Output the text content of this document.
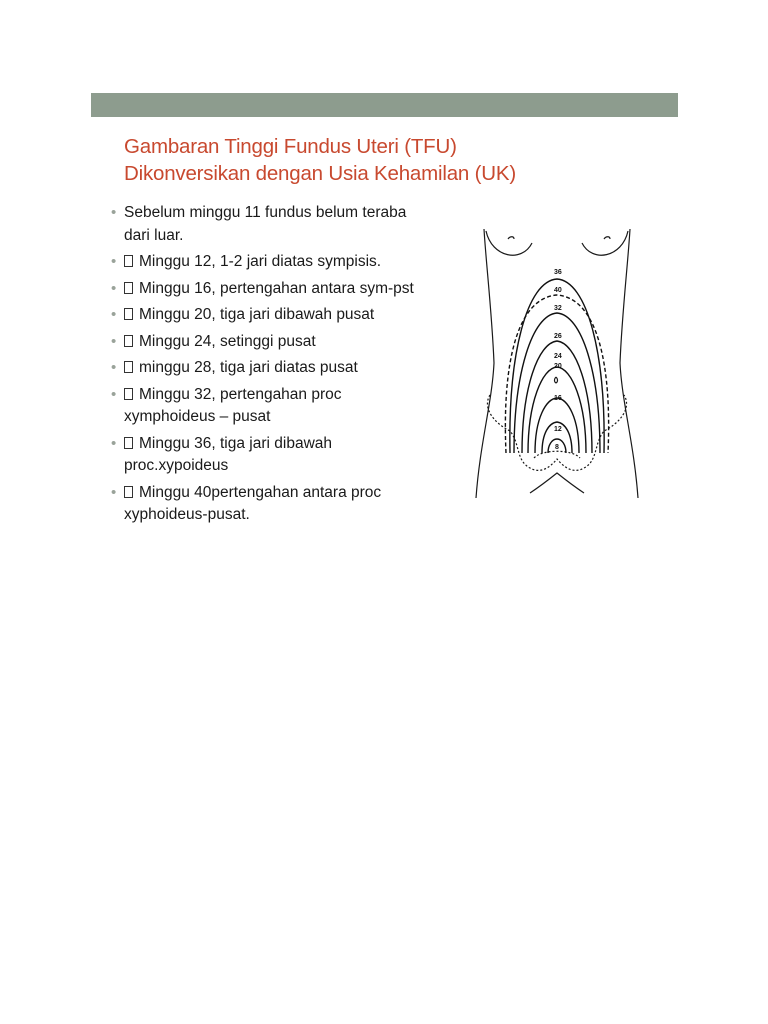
Gambaran Tinggi Fundus Uteri (TFU)
Dikonversikan dengan Usia Kehamilan (UK)
• Sebelum minggu 11 fundus belum teraba
dari luar.
• Minggu 12, 1-2 jari diatas sympisis.
• Minggu 16, pertengahan antara sym-pst
• Minggu 20, tiga jari dibawah pusat
• Minggu 24, setinggi pusat
• minggu 28, tiga jari diatas pusat
• Minggu 32, pertengahan proc
xymphoideus – pusat
• Minggu 36, tiga jari dibawah
proc.xypoideus
• Minggu 40pertengahan antara proc
xyphoideus-pusat.
36
40
32
26
24
20
16
12
8
